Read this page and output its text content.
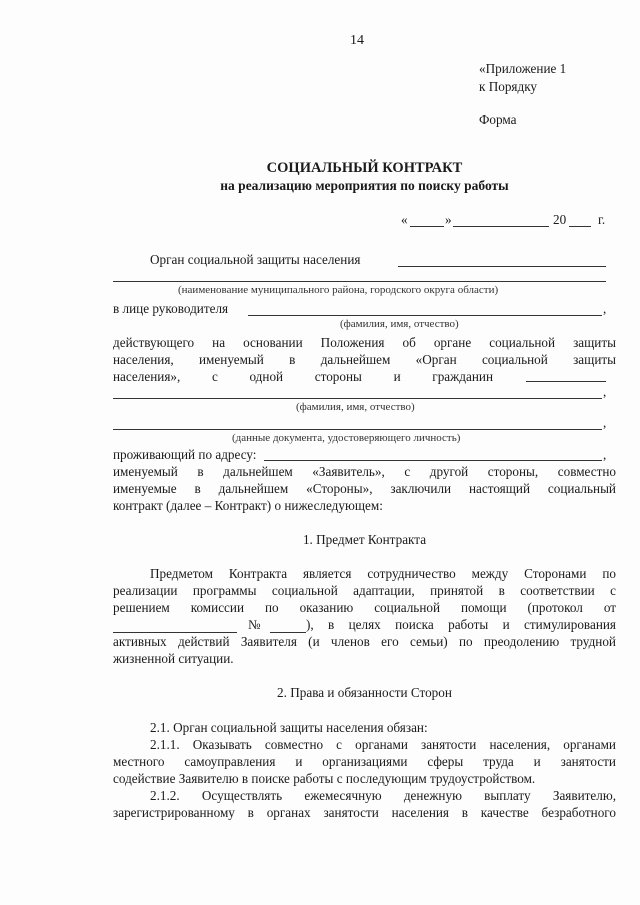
14
«Приложение 1
к Порядку
Форма
СОЦИАЛЬНЫЙ КОНТРАКТ
на реализацию мероприятия по поиску работы
«	»	20 г.
Орган социальной защиты населения
(наименование муниципального района, городского округа области)
в лице руководителя	,
(фамилия, имя, отчество)
действующего на основании Положения об органе социальной защиты
населения, именуемый в дальнейшем «Орган социальной защиты
населения», с одной стороны и гражданин
,
(фамилия, имя, отчество)
,
(данные документа, удостоверяющего личность)
проживающий по адресу:	,
именуемый в дальнейшем «Заявитель», с другой стороны, совместно
именуемые в дальнейшем «Стороны», заключили настоящий социальный
контракт (далее – Контракт) о нижеследующем:
1. Предмет Контракта
Предметом Контракта является сотрудничество между Сторонами по
реализации программы социальной адаптации, принятой в соответствии с
решением комиссии по оказанию социальной помощи (протокол от
№	), в целях поиска работы и стимулирования
активных действий Заявителя (и членов его семьи) по преодолению трудной
жизненной ситуации.
2. Права и обязанности Сторон
2.1. Орган социальной защиты населения обязан:
2.1.1. Оказывать совместно с органами занятости населения, органами
местного самоуправления и организациями сферы труда и занятости
содействие Заявителю в поиске работы с последующим трудоустройством.
2.1.2. Осуществлять ежемесячную денежную выплату Заявителю,
зарегистрированному в органах занятости населения в качестве безработного
